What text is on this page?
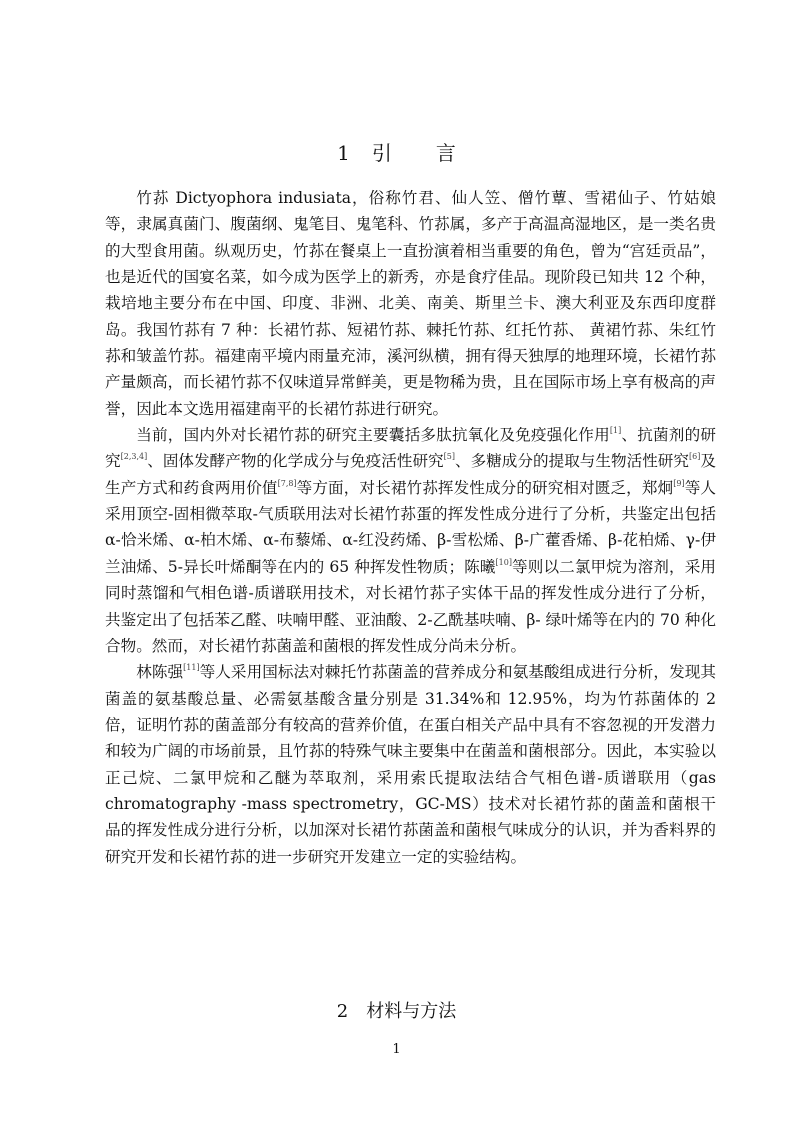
1 引 言

竹荪 Dictyophora indusiata，俗称竹君、仙人笠、僧竹蕈、雪裙仙子、竹姑娘等，隶属真菌门、腹菌纲、鬼笔目、鬼笔科、竹荪属，多产于高温高湿地区，是一类名贵的大型食用菌。纵观历史，竹荪在餐桌上一直扮演着相当重要的角色，曾为“宫廷贡品”，也是近代的国宴名菜，如今成为医学上的新秀，亦是食疗佳品。现阶段已知共 12 个种，栽培地主要分布在中国、印度、非洲、北美、南美、斯里兰卡、澳大利亚及东西印度群岛。我国竹荪有 7 种：长裙竹荪、短裙竹荪、棘托竹荪、红托竹荪、 黄裙竹荪、朱红竹荪和皱盖竹荪。福建南平境内雨量充沛，溪河纵横，拥有得天独厚的地理环境，长裙竹荪产量颇高，而长裙竹荪不仅味道异常鲜美，更是物稀为贵，且在国际市场上享有极高的声誉，因此本文选用福建南平的长裙竹荪进行研究。

当前，国内外对长裙竹荪的研究主要囊括多肽抗氧化及免疫强化作用[1]、抗菌剂的研究[2,3,4]、固体发酵产物的化学成分与免疫活性研究[5]、多糖成分的提取与生物活性研究[6]及生产方式和药食两用价值[7,8]等方面，对长裙竹荪挥发性成分的研究相对匮乏，郑炯[9]等人采用顶空-固相微萃取-气质联用法对长裙竹荪蛋的挥发性成分进行了分析，共鉴定出包括α-恰米烯、α-柏木烯、α-布藜烯、α-红没药烯、β-雪松烯、β-广藿香烯、β-花柏烯、γ-伊兰油烯、5-异长叶烯酮等在内的 65 种挥发性物质；陈曦[10]等则以二氯甲烷为溶剂，采用同时蒸馏和气相色谱-质谱联用技术，对长裙竹荪子实体干品的挥发性成分进行了分析，共鉴定出了包括苯乙醛、呋喃甲醛、亚油酸、2-乙酰基呋喃、β- 绿叶烯等在内的 70 种化合物。然而，对长裙竹荪菌盖和菌根的挥发性成分尚未分析。

林陈强[11]等人采用国标法对棘托竹荪菌盖的营养成分和氨基酸组成进行分析，发现其菌盖的氨基酸总量、必需氨基酸含量分别是 31.34%和 12.95%，均为竹荪菌体的 2 倍，证明竹荪的菌盖部分有较高的营养价值，在蛋白相关产品中具有不容忽视的开发潜力和较为广阔的市场前景，且竹荪的特殊气味主要集中在菌盖和菌根部分。因此，本实验以正己烷、二氯甲烷和乙醚为萃取剂，采用索氏提取法结合气相色谱-质谱联用（gas chromatography -mass spectrometry，GC-MS）技术对长裙竹荪的菌盖和菌根干品的挥发性成分进行分析，以加深对长裙竹荪菌盖和菌根气味成分的认识，并为香料界的研究开发和长裙竹荪的进一步研究开发建立一定的实验结构。

2 材料与方法
1
